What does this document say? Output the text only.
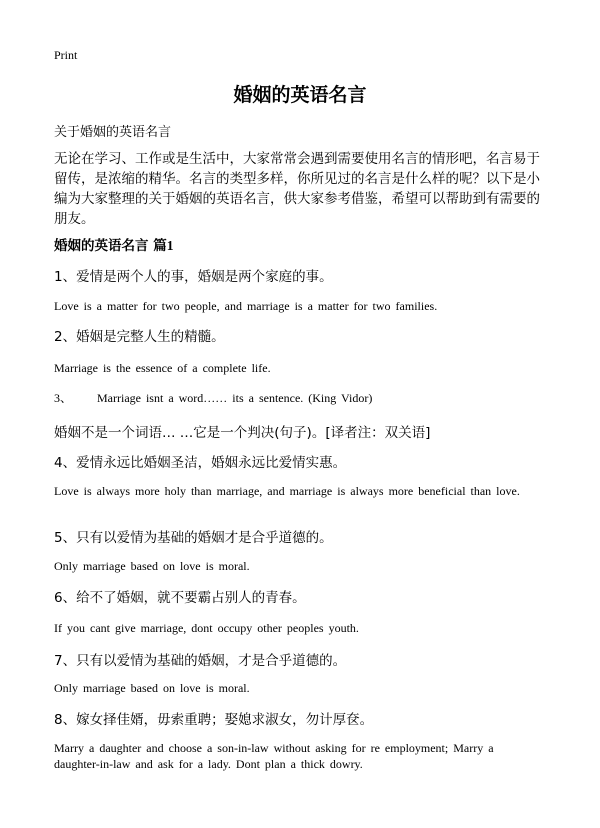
Print
婚姻的英语名言
关于婚姻的英语名言
无论在学习、工作或是生活中，大家常常会遇到需要使用名言的情形吧，名言易于留传，是浓缩的精华。名言的类型多样，你所见过的名言是什么样的呢？以下是小编为大家整理的关于婚姻的英语名言，供大家参考借鉴，希望可以帮助到有需要的朋友。
婚姻的英语名言 篇1
1、爱情是两个人的事，婚姻是两个家庭的事。
Love is a matter for two people, and marriage is a matter for two families.
2、婚姻是完整人生的精髓。
Marriage is the essence of a complete life.
3、     Marriage isnt a word…… its a sentence. (King Vidor)
婚姻不是一个词语… …它是一个判决(句子)。[译者注：双关语]
4、爱情永远比婚姻圣洁，婚姻永远比爱情实惠。
Love is always more holy than marriage, and marriage is always more beneficial than love.
5、只有以爱情为基础的婚姻才是合乎道德的。
Only marriage based on love is moral.
6、给不了婚姻，就不要霸占别人的青春。
If you cant give marriage, dont occupy other peoples youth.
7、只有以爱情为基础的婚姻，才是合乎道德的。
Only marriage based on love is moral.
8、嫁女择佳婿，毋索重聘；娶媳求淑女，勿计厚奁。
Marry a daughter and choose a son-in-law without asking for re employment; Marry a daughter-in-law and ask for a lady. Dont plan a thick dowry.
